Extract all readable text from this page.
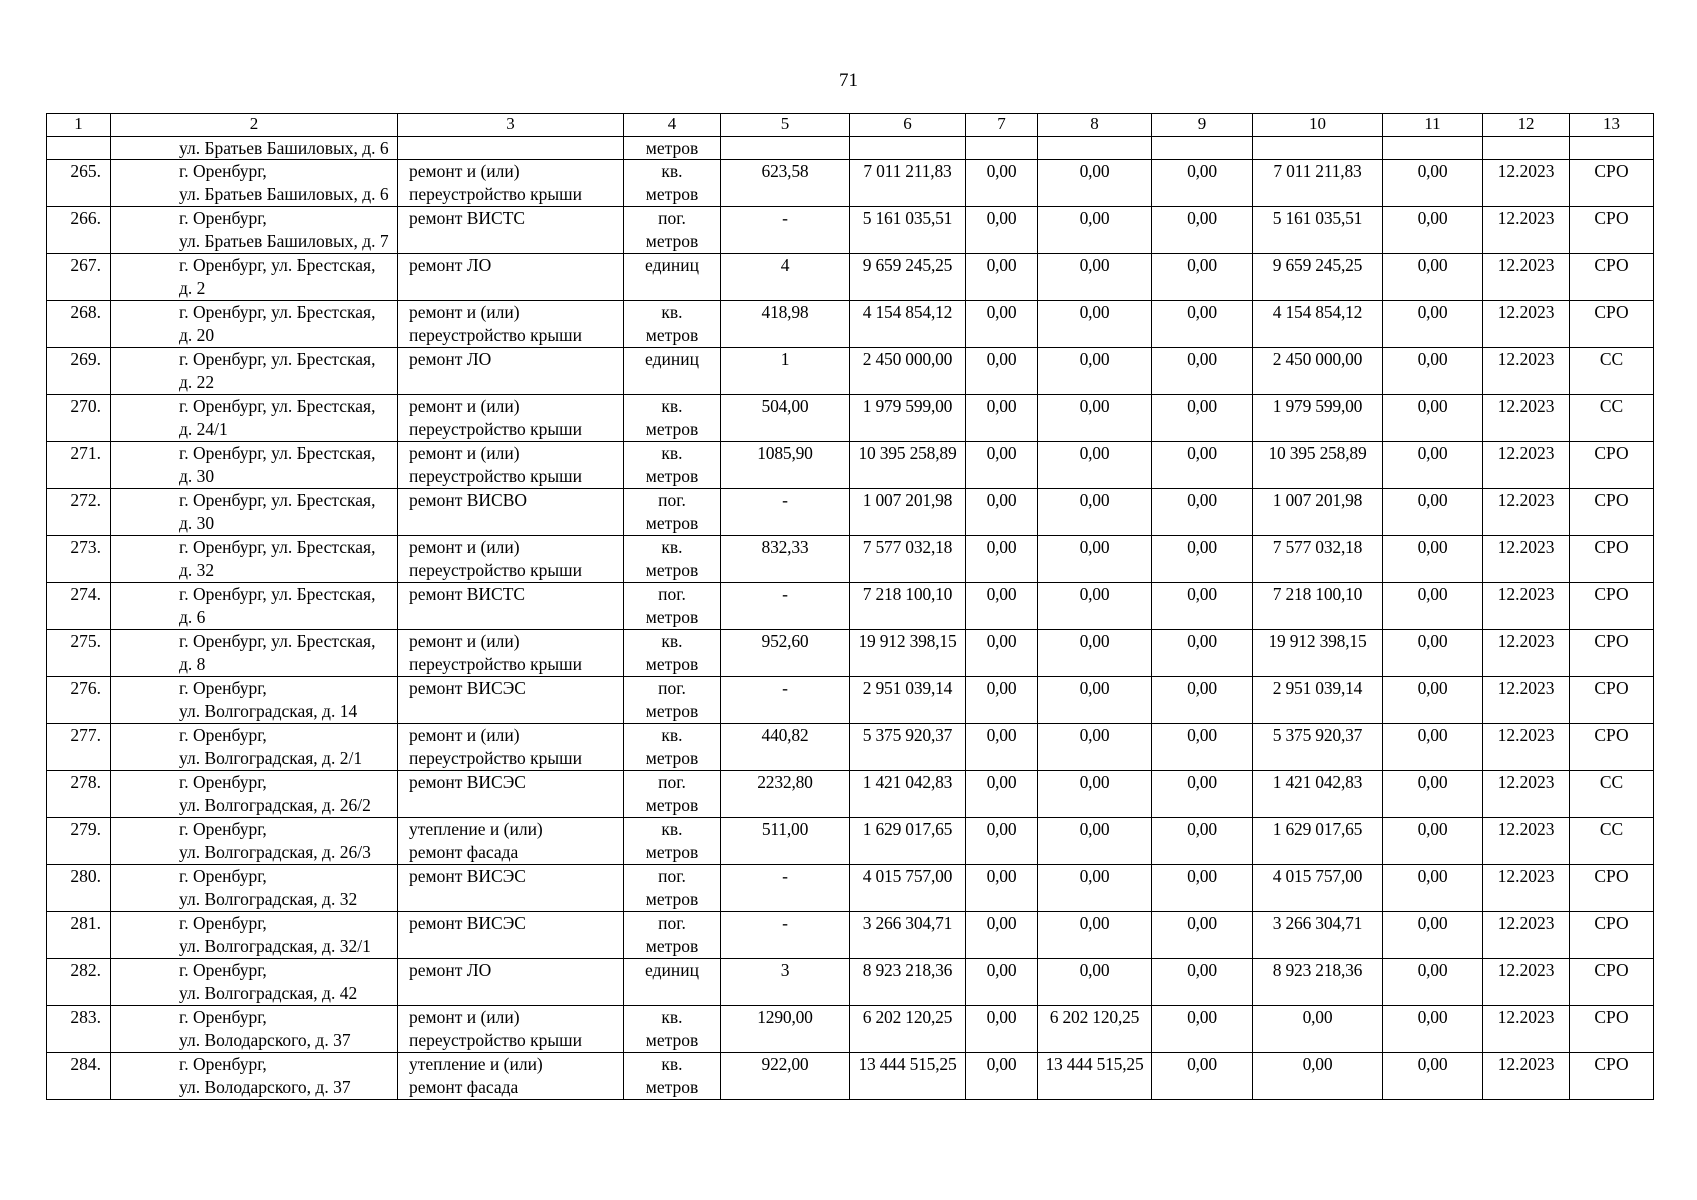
71
1	2	3	4	5	6	7	8	9	10	11	12	13
	ул. Братьев Башиловых, д. 6		метров									
265.	г. Оренбург,
ул. Братьев Башиловых, д. 6	ремонт и (или)
переустройство крыши	кв.
метров	623,58	7 011 211,83	0,00	0,00	0,00	7 011 211,83	0,00	12.2023	СРО
266.	г. Оренбург,
ул. Братьев Башиловых, д. 7	ремонт ВИСТС	пог.
метров	-	5 161 035,51	0,00	0,00	0,00	5 161 035,51	0,00	12.2023	СРО
267.	г. Оренбург, ул. Брестская,
д. 2	ремонт ЛО	единиц	4	9 659 245,25	0,00	0,00	0,00	9 659 245,25	0,00	12.2023	СРО
268.	г. Оренбург, ул. Брестская,
д. 20	ремонт и (или)
переустройство крыши	кв.
метров	418,98	4 154 854,12	0,00	0,00	0,00	4 154 854,12	0,00	12.2023	СРО
269.	г. Оренбург, ул. Брестская,
д. 22	ремонт ЛО	единиц	1	2 450 000,00	0,00	0,00	0,00	2 450 000,00	0,00	12.2023	СС
270.	г. Оренбург, ул. Брестская,
д. 24/1	ремонт и (или)
переустройство крыши	кв.
метров	504,00	1 979 599,00	0,00	0,00	0,00	1 979 599,00	0,00	12.2023	СС
271.	г. Оренбург, ул. Брестская,
д. 30	ремонт и (или)
переустройство крыши	кв.
метров	1085,90	10 395 258,89	0,00	0,00	0,00	10 395 258,89	0,00	12.2023	СРО
272.	г. Оренбург, ул. Брестская,
д. 30	ремонт ВИСВО	пог.
метров	-	1 007 201,98	0,00	0,00	0,00	1 007 201,98	0,00	12.2023	СРО
273.	г. Оренбург, ул. Брестская,
д. 32	ремонт и (или)
переустройство крыши	кв.
метров	832,33	7 577 032,18	0,00	0,00	0,00	7 577 032,18	0,00	12.2023	СРО
274.	г. Оренбург, ул. Брестская,
д. 6	ремонт ВИСТС	пог.
метров	-	7 218 100,10	0,00	0,00	0,00	7 218 100,10	0,00	12.2023	СРО
275.	г. Оренбург, ул. Брестская,
д. 8	ремонт и (или)
переустройство крыши	кв.
метров	952,60	19 912 398,15	0,00	0,00	0,00	19 912 398,15	0,00	12.2023	СРО
276.	г. Оренбург,
ул. Волгоградская, д. 14	ремонт ВИСЭС	пог.
метров	-	2 951 039,14	0,00	0,00	0,00	2 951 039,14	0,00	12.2023	СРО
277.	г. Оренбург,
ул. Волгоградская, д. 2/1	ремонт и (или)
переустройство крыши	кв.
метров	440,82	5 375 920,37	0,00	0,00	0,00	5 375 920,37	0,00	12.2023	СРО
278.	г. Оренбург,
ул. Волгоградская, д. 26/2	ремонт ВИСЭС	пог.
метров	2232,80	1 421 042,83	0,00	0,00	0,00	1 421 042,83	0,00	12.2023	СС
279.	г. Оренбург,
ул. Волгоградская, д. 26/3	утепление и (или)
ремонт фасада	кв.
метров	511,00	1 629 017,65	0,00	0,00	0,00	1 629 017,65	0,00	12.2023	СС
280.	г. Оренбург,
ул. Волгоградская, д. 32	ремонт ВИСЭС	пог.
метров	-	4 015 757,00	0,00	0,00	0,00	4 015 757,00	0,00	12.2023	СРО
281.	г. Оренбург,
ул. Волгоградская, д. 32/1	ремонт ВИСЭС	пог.
метров	-	3 266 304,71	0,00	0,00	0,00	3 266 304,71	0,00	12.2023	СРО
282.	г. Оренбург,
ул. Волгоградская, д. 42	ремонт ЛО	единиц	3	8 923 218,36	0,00	0,00	0,00	8 923 218,36	0,00	12.2023	СРО
283.	г. Оренбург,
ул. Володарского, д. 37	ремонт и (или)
переустройство крыши	кв.
метров	1290,00	6 202 120,25	0,00	6 202 120,25	0,00	0,00	0,00	12.2023	СРО
284.	г. Оренбург,
ул. Володарского, д. 37	утепление и (или)
ремонт фасада	кв.
метров	922,00	13 444 515,25	0,00	13 444 515,25	0,00	0,00	0,00	12.2023	СРО
